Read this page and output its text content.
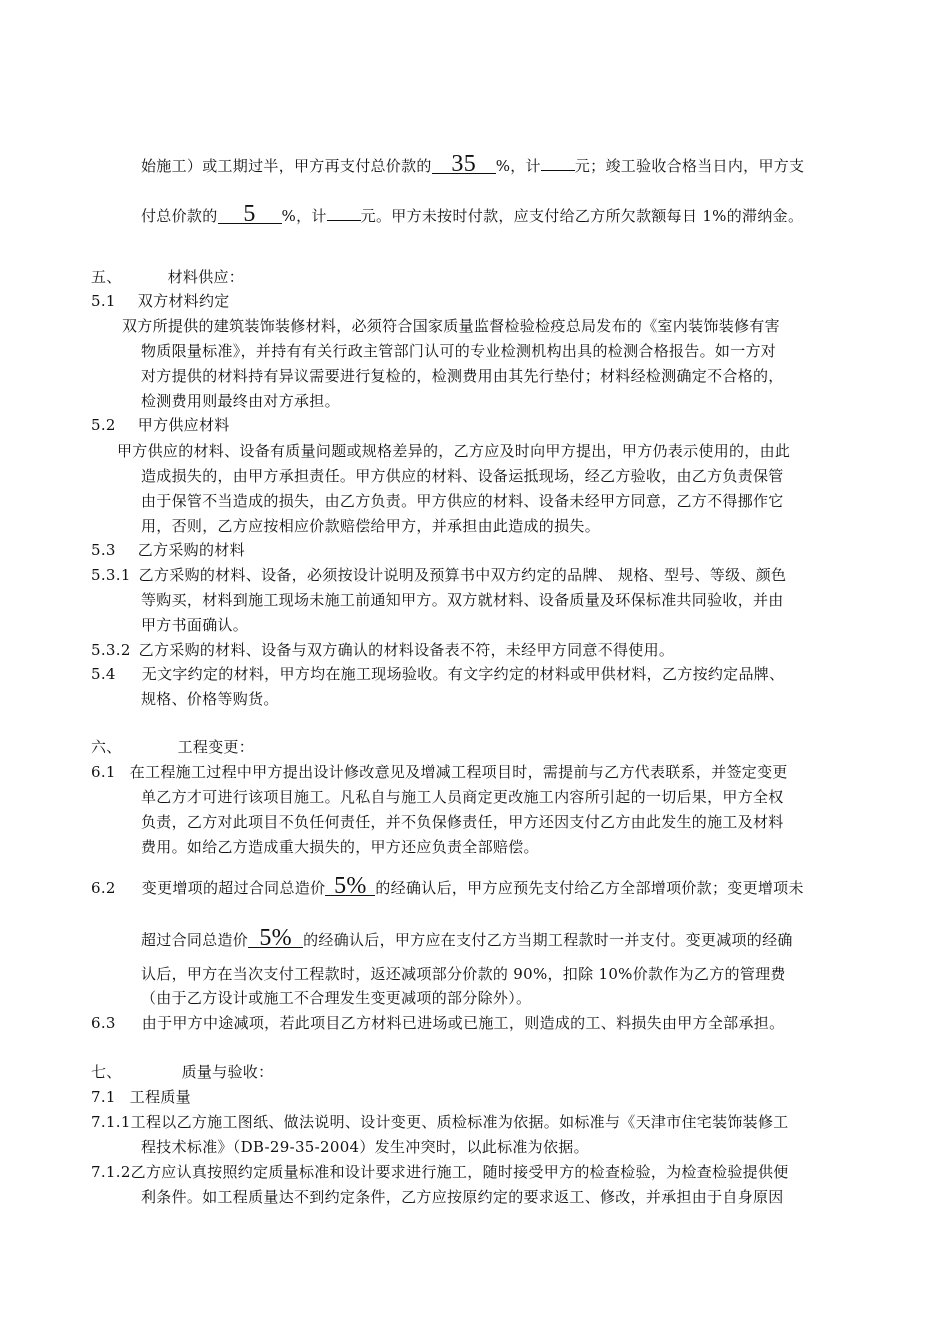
始施工）或工期过半，甲方再支付总价款的 35 %，计 元；竣工验收合格当日内，甲方支
付总价款的 5 %，计 元。甲方未按时付款，应支付给乙方所欠款额每日 1%的滞纳金。
五、	材料供应：
5.1 双方材料约定
双方所提供的建筑装饰装修材料，必须符合国家质量监督检验检疫总局发布的《室内装饰装修有害
物质限量标准》，并持有有关行政主管部门认可的专业检测机构出具的检测合格报告。如一方对
对方提供的材料持有异议需要进行复检的，检测费用由其先行垫付；材料经检测确定不合格的，
检测费用则最终由对方承担。
5.2 甲方供应材料
甲方供应的材料、设备有质量问题或规格差异的，乙方应及时向甲方提出，甲方仍表示使用的，由此
造成损失的，由甲方承担责任。甲方供应的材料、设备运抵现场，经乙方验收，由乙方负责保管
由于保管不当造成的损失，由乙方负责。甲方供应的材料、设备未经甲方同意，乙方不得挪作它
用，否则，乙方应按相应价款赔偿给甲方，并承担由此造成的损失。
5.3 乙方采购的材料
5.3.1 乙方采购的材料、设备，必须按设计说明及预算书中双方约定的品牌、 规格、型号、等级、颜色
等购买，材料到施工现场未施工前通知甲方。双方就材料、设备质量及环保标准共同验收，并由
甲方书面确认。
5.3.2 乙方采购的材料、设备与双方确认的材料设备表不符，未经甲方同意不得使用。
5.4 无文字约定的材料，甲方均在施工现场验收。有文字约定的材料或甲供材料，乙方按约定品牌、
规格、价格等购货。
六、	工程变更：
6.1 在工程施工过程中甲方提出设计修改意见及增减工程项目时，需提前与乙方代表联系，并签定变更
单乙方才可进行该项目施工。凡私自与施工人员商定更改施工内容所引起的一切后果，甲方全权
负责，乙方对此项目不负任何责任，并不负保修责任，甲方还因支付乙方由此发生的施工及材料
费用。如给乙方造成重大损失的，甲方还应负责全部赔偿。
6.2 变更增项的超过合同总造价 5% 的经确认后，甲方应预先支付给乙方全部增项价款；变更增项未
超过合同总造价 5% 的经确认后，甲方应在支付乙方当期工程款时一并支付。变更减项的经确
认后，甲方在当次支付工程款时，返还减项部分价款的 90%，扣除 10%价款作为乙方的管理费
（由于乙方设计或施工不合理发生变更减项的部分除外）。
6.3 由于甲方中途减项，若此项目乙方材料已进场或已施工，则造成的工、料损失由甲方全部承担。
七、	质量与验收：
7.1 工程质量
7.1.1工程以乙方施工图纸、做法说明、设计变更、质检标准为依据。如标准与《天津市住宅装饰装修工
程技术标准》（DB-29-35-2004）发生冲突时，以此标准为依据。
7.1.2乙方应认真按照约定质量标准和设计要求进行施工，随时接受甲方的检查检验，为检查检验提供便
利条件。如工程质量达不到约定条件，乙方应按原约定的要求返工、修改，并承担由于自身原因
